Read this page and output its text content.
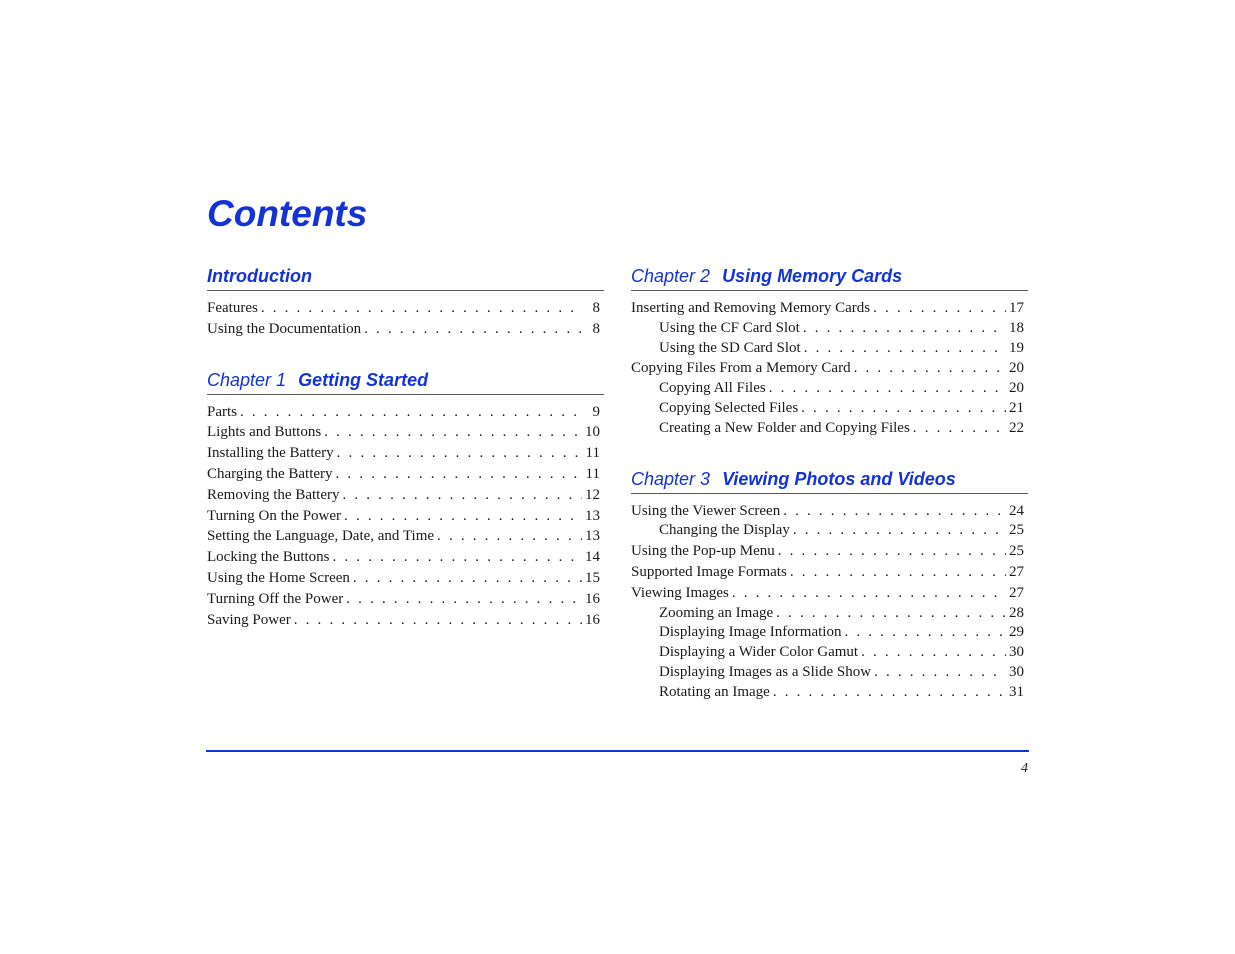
Contents
Introduction
Features . . .	8
Using the Documentation . . .	8
Chapter 1 Getting Started
Parts . . .	9
Lights and Buttons . . .	10
Installing the Battery . . .	11
Charging the Battery . . .	11
Removing the Battery . . .	12
Turning On the Power . . .	13
Setting the Language, Date, and Time . . .	13
Locking the Buttons . . .	14
Using the Home Screen . . .	15
Turning Off the Power . . .	16
Saving Power . . .	16
Chapter 2 Using Memory Cards
Inserting and Removing Memory Cards . . .	17
Using the CF Card Slot . . .	18
Using the SD Card Slot . . .	19
Copying Files From a Memory Card . . .	20
Copying All Files . . .	20
Copying Selected Files . . .	21
Creating a New Folder and Copying Files . . .	22
Chapter 3 Viewing Photos and Videos
Using the Viewer Screen . . .	24
Changing the Display . . .	25
Using the Pop-up Menu . . .	25
Supported Image Formats . . .	27
Viewing Images . . .	27
Zooming an Image . . .	28
Displaying Image Information . . .	29
Displaying a Wider Color Gamut . . .	30
Displaying Images as a Slide Show . . .	30
Rotating an Image . . .	31
4
